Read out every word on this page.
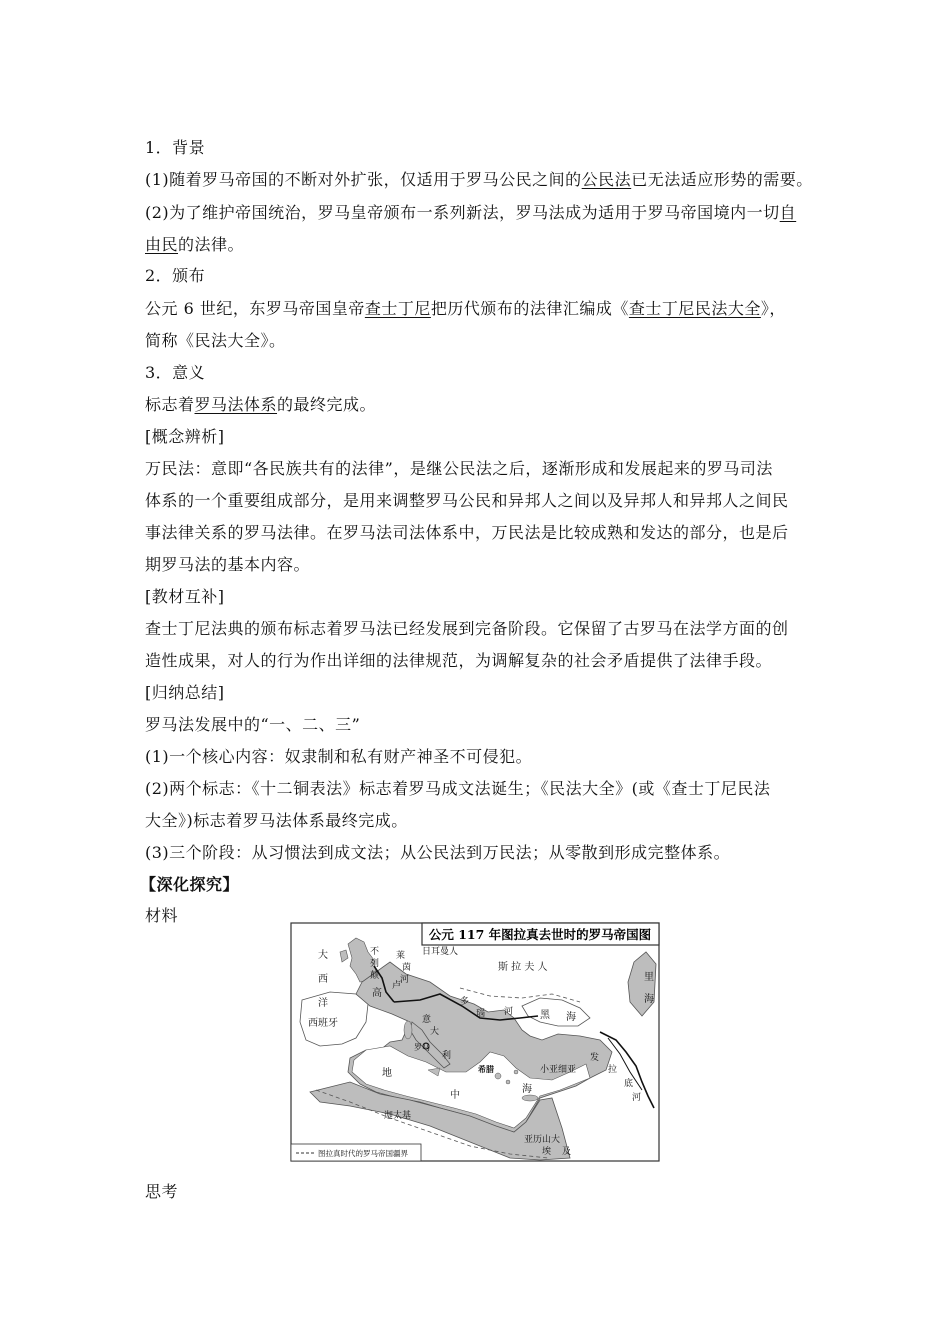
1．背景
(1)随着罗马帝国的不断对外扩张，仅适用于罗马公民之间的公民法已无法适应形势的需要。
(2)为了维护帝国统治，罗马皇帝颁布一系列新法，罗马法成为适用于罗马帝国境内一切自
由民的法律。
2．颁布
公元 6 世纪，东罗马帝国皇帝查士丁尼把历代颁布的法律汇编成《查士丁尼民法大全》，
简称《民法大全》。
3．意义
标志着罗马法体系的最终完成。
[概念辨析]
万民法：意即“各民族共有的法律”，是继公民法之后，逐渐形成和发展起来的罗马司法
体系的一个重要组成部分，是用来调整罗马公民和异邦人之间以及异邦人和异邦人之间民
事法律关系的罗马法律。在罗马法司法体系中，万民法是比较成熟和发达的部分，也是后
期罗马法的基本内容。
[教材互补]
查士丁尼法典的颁布标志着罗马法已经发展到完备阶段。它保留了古罗马在法学方面的创
造性成果，对人的行为作出详细的法律规范，为调解复杂的社会矛盾提供了法律手段。
[归纳总结]
罗马法发展中的“一、二、三”
(1)一个核心内容：奴隶制和私有财产神圣不可侵犯。
(2)两个标志：《十二铜表法》标志着罗马成文法诞生；《民法大全》(或《查士丁尼民法
大全》)标志着罗马法体系最终完成。
(3)三个阶段：从习惯法到成文法；从公民法到万民法；从零散到形成完整体系。
【深化探究】
材料
公元 117 年图拉真去世时的罗马帝国图
大
西
洋
不
列
颠
莱
茵
河
高
卢
日耳曼人
斯 拉 夫 人
多
瑙 河
里
海
黑 海
西班牙	意
大
利
罗马
希腊	小亚细亚
发
拉
底
河
地
中
海
迦太基
亚历山大
埃 及
图拉真时代的罗马帝国疆界
思考
